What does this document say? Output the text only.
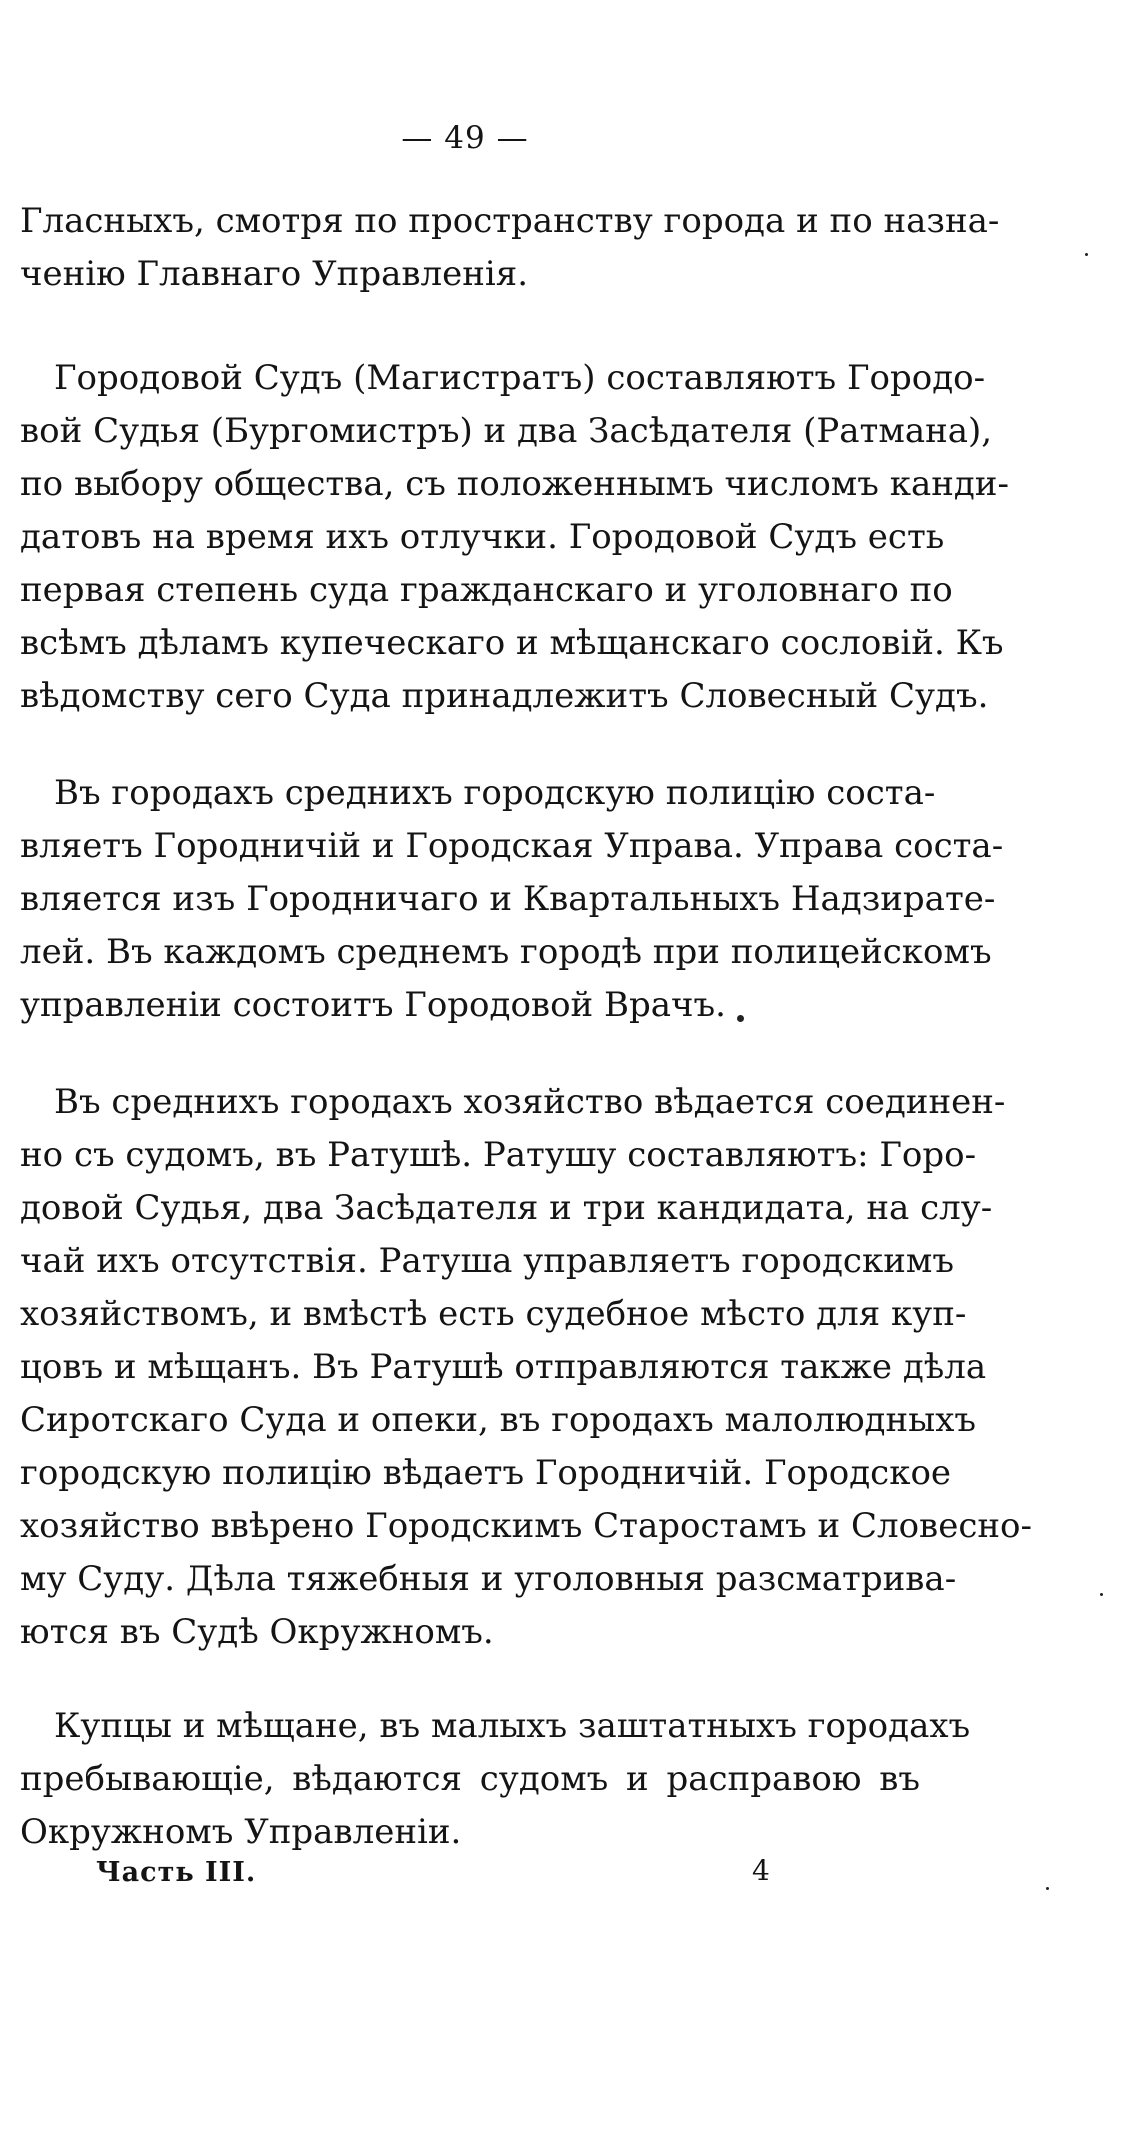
— 49 —
Гласныхъ, смотря по пространству города и по назна-
ченію Главнаго Управленія.
Городовой Судъ (Магистратъ) составляютъ Городо-
вой Судья (Бургомистръ) и два Засѣдателя (Ратмана),
по выбору общества, съ положеннымъ числомъ канди-
датовъ на время ихъ отлучки. Городовой Судъ есть
первая степень суда гражданскаго и уголовнаго по
всѣмъ дѣламъ купеческаго и мѣщанскаго сословій. Къ
вѣдомству сего Суда принадлежитъ Словесный Судъ.
Въ городахъ среднихъ городскую полицію соста-
вляетъ Городничій и Городская Управа. Управа соста-
вляется изъ Городничаго и Квартальныхъ Надзирате-
лей. Въ каждомъ среднемъ городѣ при полицейскомъ
управленіи состоитъ Городовой Врачъ.
Въ среднихъ городахъ хозяйство вѣдается соединен-
но съ судомъ, въ Ратушѣ. Ратушу составляютъ: Горо-
довой Судья, два Засѣдателя и три кандидата, на слу-
чай ихъ отсутствія. Ратуша управляетъ городскимъ
хозяйствомъ, и вмѣстѣ есть судебное мѣсто для куп-
цовъ и мѣщанъ. Въ Ратушѣ отправляются также дѣла
Сиротскаго Суда и опеки, въ городахъ малолюдныхъ
городскую полицію вѣдаетъ Городничій. Городское
хозяйство ввѣрено Городскимъ Старостамъ и Словесно-
му Суду. Дѣла тяжебныя и уголовныя разсматрива-
ются въ Судѣ Окружномъ.
Купцы и мѣщане, въ малыхъ заштатныхъ городахъ
пребывающіе, вѣдаются судомъ и расправою въ
Окружномъ Управленіи.
Часть III.	4
